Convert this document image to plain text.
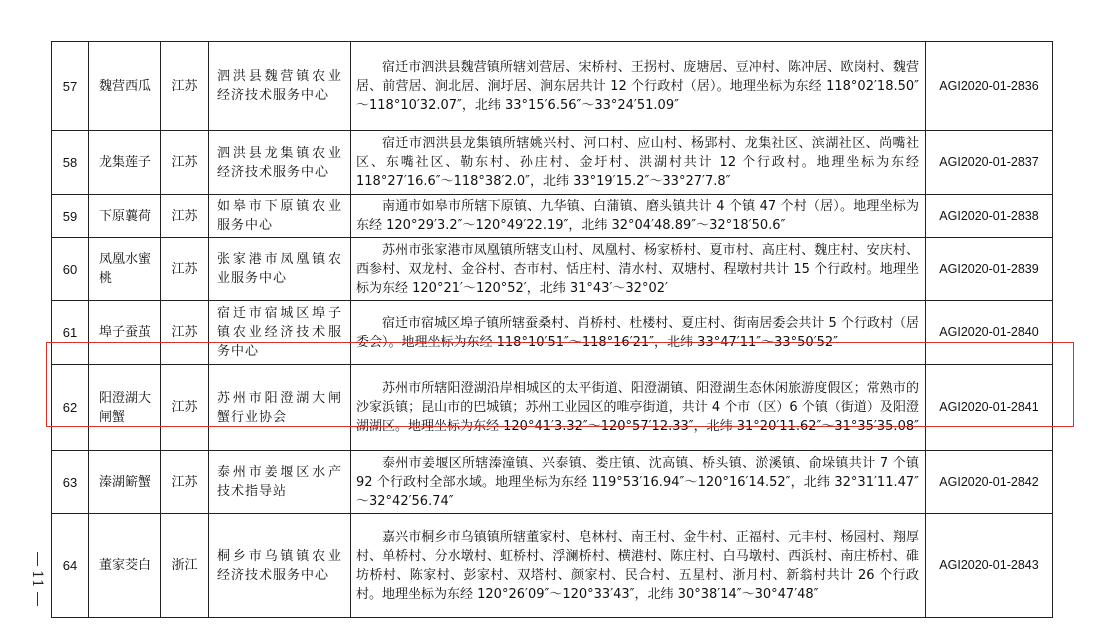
57	魏营西瓜	江苏	泗洪县魏营镇农业经济技术服务中心	宿迁市泗洪县魏营镇所辖刘营居、宋桥村、王拐村、庞塘居、豆冲村、陈冲居、欧岗村、魏营居、前营居、涧北居、涧圩居、涧东居共计 12 个行政村（居）。地理坐标为东经 118°02′18.50″～118°10′32.07″，北纬 33°15′6.56″～33°24′51.09″	AGI2020-01-2836
58	龙集莲子	江苏	泗洪县龙集镇农业经济技术服务中心	宿迁市泗洪县龙集镇所辖姚兴村、河口村、应山村、杨郢村、龙集社区、滨湖社区、尚嘴社区、东嘴社区、勒东村、孙庄村、金圩村、洪湖村共计 12 个行政村。地理坐标为东经 118°27′16.6″～118°38′2.0″，北纬 33°19′15.2″～33°27′7.8″	AGI2020-01-2837
59	下原蘘荷	江苏	如皋市下原镇农业服务中心	南通市如皋市所辖下原镇、九华镇、白蒲镇、磨头镇共计 4 个镇 47 个村（居）。地理坐标为东经 120°29′3.2″～120°49′22.19″，北纬 32°04′48.89″～32°18′50.6″	AGI2020-01-2838
60	凤凰水蜜桃	江苏	张家港市凤凰镇农业服务中心	苏州市张家港市凤凰镇所辖支山村、凤凰村、杨家桥村、夏市村、高庄村、魏庄村、安庆村、西参村、双龙村、金谷村、杏市村、恬庄村、清水村、双塘村、程墩村共计 15 个行政村。地理坐标为东经 120°21′～120°52′，北纬 31°43′～32°02′	AGI2020-01-2839
61	埠子蚕茧	江苏	宿迁市宿城区埠子镇农业经济技术服务中心	宿迁市宿城区埠子镇所辖蚕桑村、肖桥村、杜楼村、夏庄村、街南居委会共计 5 个行政村（居委会）。地理坐标为东经 118°10′51″～118°16′21″，北纬 33°47′11″～33°50′52″	AGI2020-01-2840
62	阳澄湖大闸蟹	江苏	苏州市阳澄湖大闸蟹行业协会	苏州市所辖阳澄湖沿岸相城区的太平街道、阳澄湖镇、阳澄湖生态休闲旅游度假区；常熟市的沙家浜镇；昆山市的巴城镇；苏州工业园区的唯亭街道，共计 4 个市（区）6 个镇（街道）及阳澄湖湖区。地理坐标为东经 120°41′3.32″～120°57′12.33″，北纬 31°20′11.62″～31°35′35.08″	AGI2020-01-2841
63	溱湖簖蟹	江苏	泰州市姜堰区水产技术指导站	泰州市姜堰区所辖溱潼镇、兴泰镇、娄庄镇、沈高镇、桥头镇、淤溪镇、俞垛镇共计 7 个镇 92 个行政村全部水域。地理坐标为东经 119°53′16.94″～120°16′14.52″，北纬 32°31′11.47″～32°42′56.74″	AGI2020-01-2842
64	董家茭白	浙江	桐乡市乌镇镇农业经济技术服务中心	嘉兴市桐乡市乌镇镇所辖董家村、皂林村、南王村、金牛村、正福村、元丰村、杨园村、翔厚村、单桥村、分水墩村、虹桥村、浮澜桥村、横港村、陈庄村、白马墩村、西浜村、南庄桥村、碓坊桥村、陈家村、彭家村、双塔村、颜家村、民合村、五星村、浙月村、新翁村共计 26 个行政村。地理坐标为东经 120°26′09″～120°33′43″，北纬 30°38′14″～30°47′48″	AGI2020-01-2843
11
